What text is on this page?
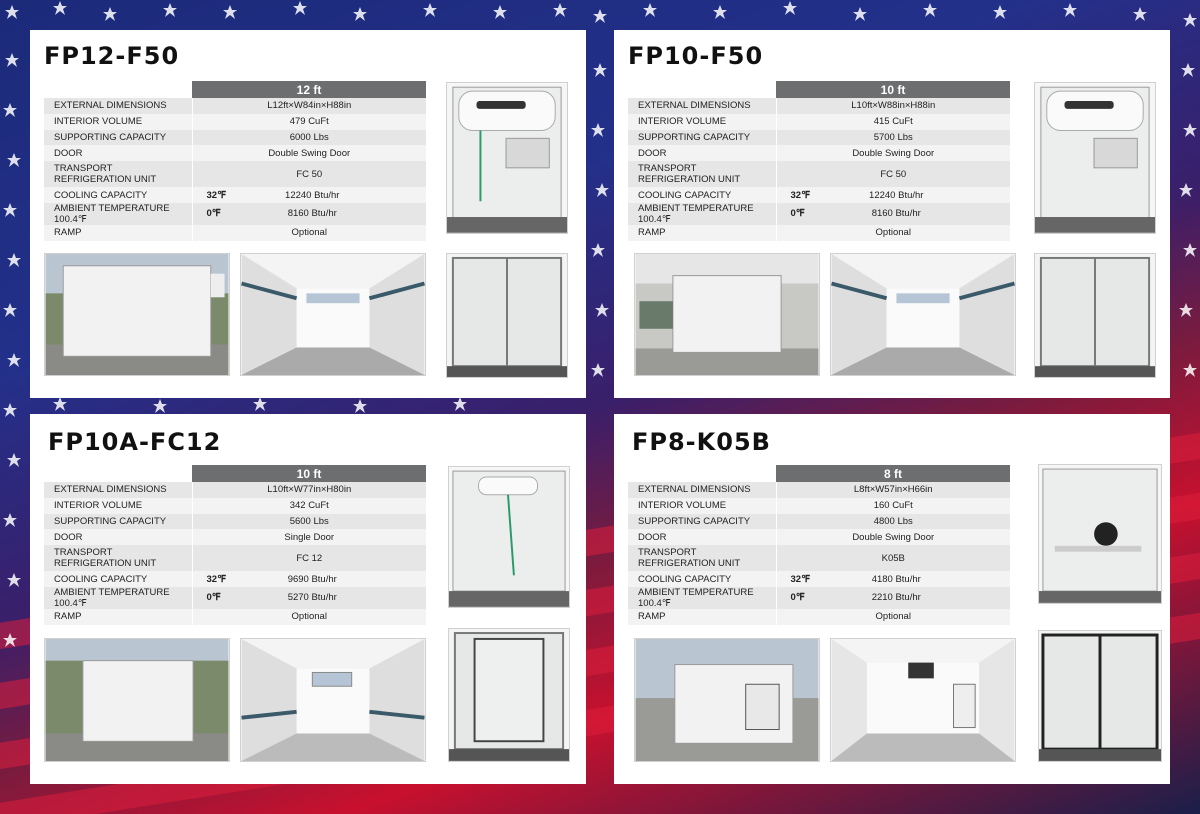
FP12-F50
	12 ft
EXTERNAL DIMENSIONS	L12ft×W84in×H88in
INTERIOR VOLUME	479 CuFt
SUPPORTING CAPACITY	6000 Lbs
DOOR	Double Swing Door
TRANSPORT REFRIGERATION UNIT	FC 50
COOLING CAPACITY	32℉ 12240 Btu/hr

AMBIENT TEMPERATURE 100.4℉	0℉ 8160 Btu/hr

RAMP	Optional
FP10-F50
	10 ft
EXTERNAL DIMENSIONS	L10ft×W88in×H88in
INTERIOR VOLUME	415 CuFt
SUPPORTING CAPACITY	5700 Lbs
DOOR	Double Swing Door
TRANSPORT REFRIGERATION UNIT	FC 50
COOLING CAPACITY	32℉ 12240 Btu/hr

AMBIENT TEMPERATURE 100.4℉	0℉ 8160 Btu/hr

RAMP	Optional
FP10A-FC12
	10 ft
EXTERNAL DIMENSIONS	L10ft×W77in×H80in
INTERIOR VOLUME	342 CuFt
SUPPORTING CAPACITY	5600 Lbs
DOOR	Single Door
TRANSPORT REFRIGERATION UNIT	FC 12
COOLING CAPACITY	32℉ 9690 Btu/hr

AMBIENT TEMPERATURE 100.4℉	0℉ 5270 Btu/hr

RAMP	Optional
FP8-K05B
	8 ft
EXTERNAL DIMENSIONS	L8ft×W57in×H66in
INTERIOR VOLUME	160 CuFt
SUPPORTING CAPACITY	4800 Lbs
DOOR	Double Swing Door
TRANSPORT REFRIGERATION UNIT	K05B
COOLING CAPACITY	32℉ 4180 Btu/hr

AMBIENT TEMPERATURE 100.4℉	0℉ 2210 Btu/hr

RAMP	Optional
